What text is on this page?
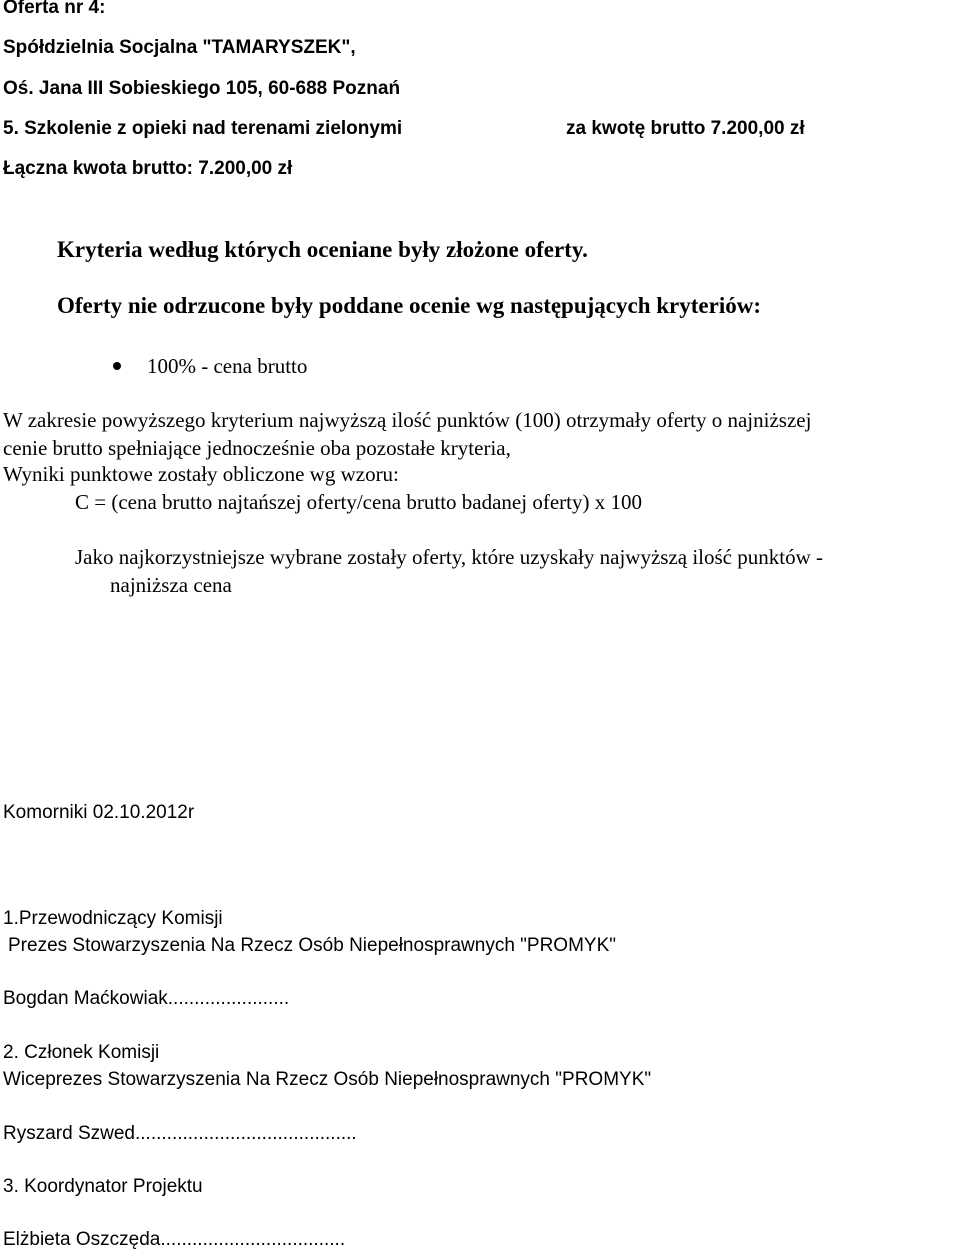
Oferta nr 4:
Spółdzielnia Socjalna "TAMARYSZEK",
Oś. Jana III Sobieskiego 105, 60-688 Poznań
5. Szkolenie z opieki nad terenami zielonymi	za kwotę brutto 7.200,00 zł
Łączna kwota brutto: 7.200,00 zł
Kryteria według których oceniane były złożone oferty.
Oferty nie odrzucone były poddane ocenie wg następujących kryteriów:
100% - cena brutto
W zakresie powyższego kryterium najwyższą ilość punktów (100) otrzymały oferty o najniższej
cenie brutto spełniające jednocześnie oba pozostałe kryteria,
Wyniki punktowe zostały obliczone wg wzoru:
C = (cena brutto najtańszej oferty/cena brutto badanej oferty) x 100
Jako najkorzystniejsze wybrane zostały oferty, które uzyskały najwyższą ilość punktów -
najniższa cena
Komorniki 02.10.2012r
1.Przewodniczący Komisji
Prezes Stowarzyszenia Na Rzecz Osób Niepełnosprawnych "PROMYK"
Bogdan Maćkowiak.......................
2. Członek Komisji
Wiceprezes Stowarzyszenia Na Rzecz Osób Niepełnosprawnych "PROMYK"
Ryszard Szwed..........................................
3. Koordynator Projektu
Elżbieta Oszczęda...................................
